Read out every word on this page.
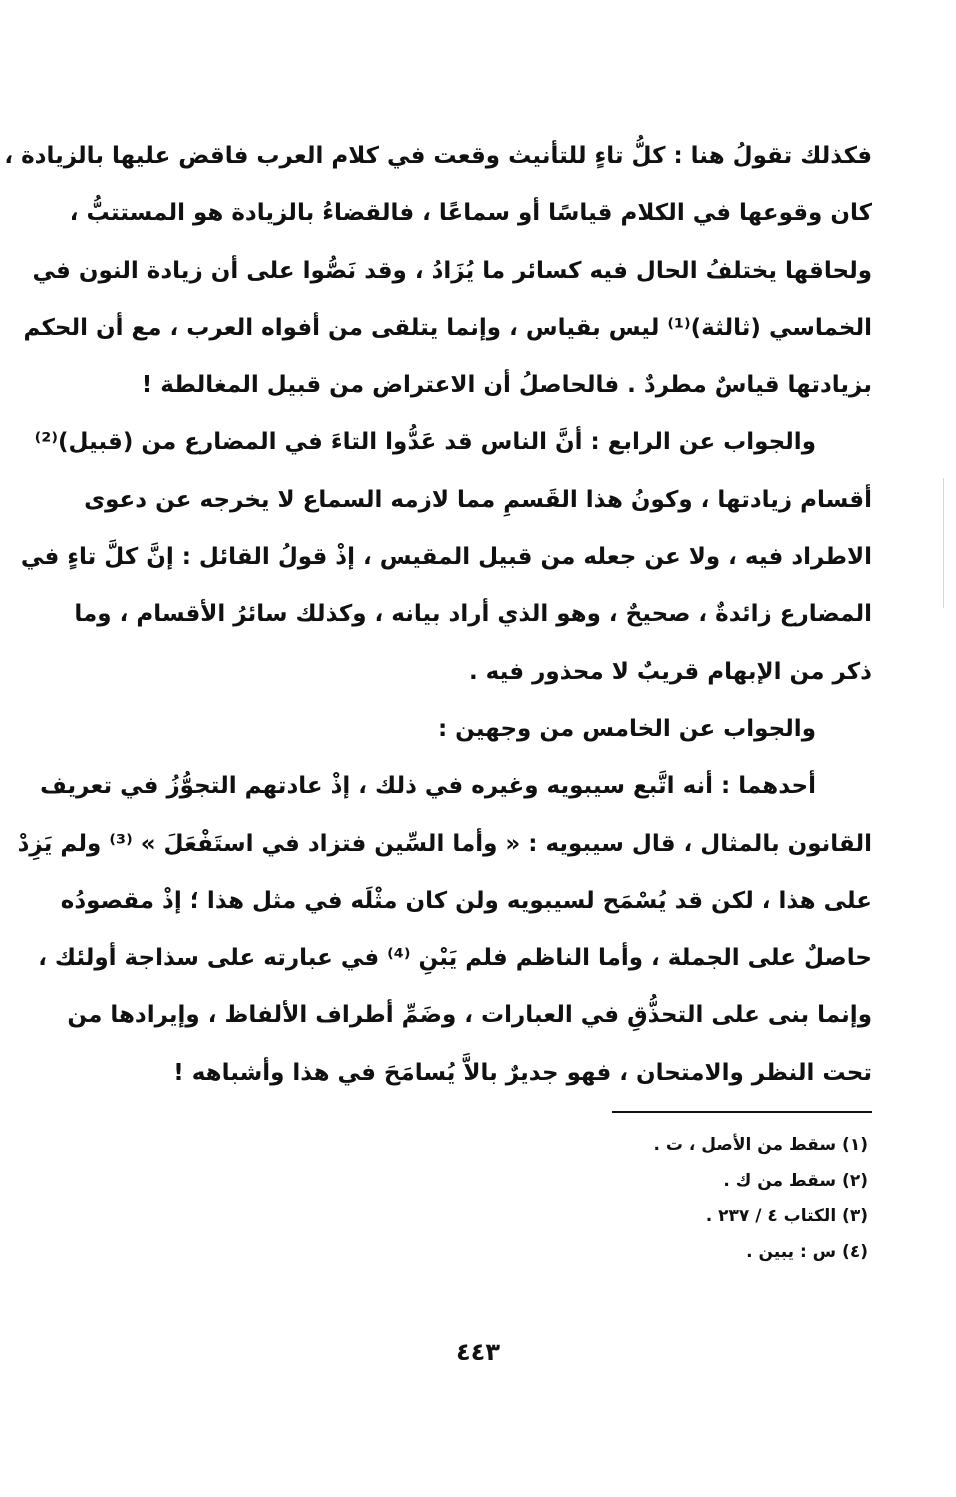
فكذلك تقولُ هنا : كلُّ تاءٍ للتأنيث وقعت في كلام العرب فاقض عليها بالزيادة ،
كان وقوعها في الكلام قياسًا أو سماعًا ، فالقضاءُ بالزيادة هو المستتبُّ ،
ولحاقها يختلفُ الحال فيه كسائر ما يُزَادُ ، وقد نَصُّوا على أن زيادة النون في
الخماسي (ثالثة)⁽¹⁾ ليس بقياس ، وإنما يتلقى من أفواه العرب ، مع أن الحكم
بزيادتها قياسٌ مطردٌ . فالحاصلُ أن الاعتراض من قبيل المغالطة !
والجواب عن الرابع : أنَّ الناس قد عَدُّوا التاءَ في المضارع من (قبيل)⁽²⁾
أقسام زيادتها ، وكونُ هذا القَسمِ مما لازمه السماع لا يخرجه عن دعوى
الاطراد فيه ، ولا عن جعله من قبيل المقيس ، إذْ قولُ القائل : إنَّ كلَّ تاءٍ في
المضارع زائدةٌ ، صحيحٌ ، وهو الذي أراد بيانه ، وكذلك سائرُ الأقسام ، وما
ذكر من الإبهام قريبٌ لا محذور فيه .
والجواب عن الخامس من وجهين :
أحدهما : أنه اتَّبع سيبويه وغيره في ذلك ، إذْ عادتهم التجوُّزُ في تعريف
القانون بالمثال ، قال سيبويه : « وأما السِّين فتزاد في استَفْعَلَ » ⁽³⁾ ولم يَزِدْ
على هذا ، لكن قد يُسْمَح لسيبويه ولن كان مثْلَه في مثل هذا ؛ إذْ مقصودُه
حاصلٌ على الجملة ، وأما الناظم فلم يَبْنِ ⁽⁴⁾ في عبارته على سذاجة أولئك ،
وإنما بنى على التحذُّقِ في العبارات ، وضَمِّ أطراف الألفاظ ، وإيرادها من
تحت النظر والامتحان ، فهو جديرٌ بالاَّ يُسامَحَ في هذا وأشباهه !
(١) سقط من الأصل ، ت .
(٢) سقط من ك .
(٣) الكتاب ٤ / ٢٣٧ .
(٤) س : يبين .
٤٤٣
